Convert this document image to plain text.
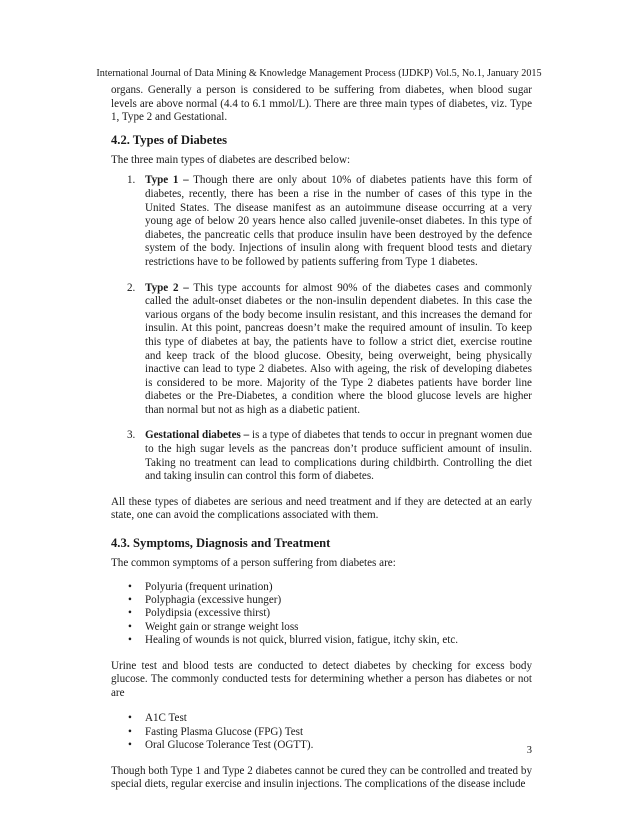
International Journal of Data Mining & Knowledge Management Process (IJDKP) Vol.5, No.1, January 2015

organs. Generally a person is considered to be suffering from diabetes, when blood sugar levels are above normal (4.4 to 6.1 mmol/L). There are three main types of diabetes, viz. Type 1, Type 2 and Gestational.

4.2. Types of Diabetes

The three main types of diabetes are described below:

1. Type 1 – Though there are only about 10% of diabetes patients have this form of diabetes, recently, there has been a rise in the number of cases of this type in the United States. The disease manifest as an autoimmune disease occurring at a very young age of below 20 years hence also called juvenile-onset diabetes. In this type of diabetes, the pancreatic cells that produce insulin have been destroyed by the defence system of the body. Injections of insulin along with frequent blood tests and dietary restrictions have to be followed by patients suffering from Type 1 diabetes.
2. Type 2 – This type accounts for almost 90% of the diabetes cases and commonly called the adult-onset diabetes or the non-insulin dependent diabetes. In this case the various organs of the body become insulin resistant, and this increases the demand for insulin. At this point, pancreas doesn’t make the required amount of insulin. To keep this type of diabetes at bay, the patients have to follow a strict diet, exercise routine and keep track of the blood glucose. Obesity, being overweight, being physically inactive can lead to type 2 diabetes. Also with ageing, the risk of developing diabetes is considered to be more. Majority of the Type 2 diabetes patients have border line diabetes or the Pre-Diabetes, a condition where the blood glucose levels are higher than normal but not as high as a diabetic patient.
3. Gestational diabetes – is a type of diabetes that tends to occur in pregnant women due to the high sugar levels as the pancreas don’t produce sufficient amount of insulin. Taking no treatment can lead to complications during childbirth. Controlling the diet and taking insulin can control this form of diabetes.

All these types of diabetes are serious and need treatment and if they are detected at an early state, one can avoid the complications associated with them.

4.3. Symptoms, Diagnosis and Treatment

The common symptoms of a person suffering from diabetes are:

• Polyuria (frequent urination)
• Polyphagia (excessive hunger)
• Polydipsia (excessive thirst)
• Weight gain or strange weight loss
• Healing of wounds is not quick, blurred vision, fatigue, itchy skin, etc.

Urine test and blood tests are conducted to detect diabetes by checking for excess body glucose. The commonly conducted tests for determining whether a person has diabetes or not are

• A1C Test
• Fasting Plasma Glucose (FPG) Test
• Oral Glucose Tolerance Test (OGTT).

Though both Type 1 and Type 2 diabetes cannot be cured they can be controlled and treated by special diets, regular exercise and insulin injections. The complications of the disease include

3
